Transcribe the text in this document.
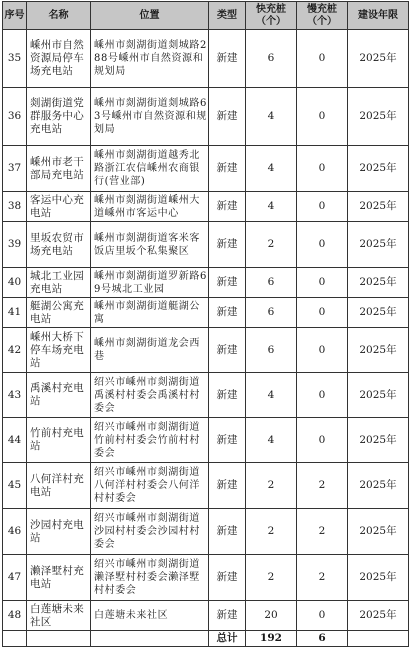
序号	名称	位置	类型	快充桩（个）	慢充桩（个）	建设年限
35	嵊州市自然资源局停车场充电站	嵊州市剡湖街道剡城路288号嵊州市自然资源和规划局	新建	6	0	2025年
36	剡湖街道党群服务中心充电站	嵊州市剡湖街道剡城路63号嵊州市自然资源和规划局	新建	4	0	2025年
37	嵊州市老干部局充电站	嵊州市剡湖街道越秀北路浙江农信嵊州农商银行(营业部)	新建	4	0	2025年
38	客运中心充电站	嵊州市剡湖街道嵊州大道嵊州市客运中心	新建	4	0	2025年
39	里坂农贸市场充电站	嵊州市剡湖街道客米客饭店里坂个私集聚区	新建	2	0	2025年
40	城北工业园充电站	嵊州市剡湖街道罗新路69号城北工业园	新建	6	0	2025年
41	艇湖公寓充电站	嵊州市剡湖街道艇湖公寓	新建	6	0	2025年
42	嵊州大桥下停车场充电站	嵊州市剡湖街道龙会西巷	新建	6	0	2025年
43	禹溪村充电站	绍兴市嵊州市剡湖街道禹溪村村委会禹溪村村委会	新建	4	0	2025年
44	竹前村充电站	绍兴市嵊州市剡湖街道竹前村村委会竹前村村委会	新建	4	0	2025年
45	八何洋村充电站	绍兴市嵊州市剡湖街道八何洋村村委会八何洋村村委会	新建	2	2	2025年
46	沙园村充电站	绍兴市嵊州市剡湖街道沙园村村委会沙园村村委会	新建	2	2	2025年
47	濑泽墅村充电站	绍兴市嵊州市剡湖街道濑泽墅村村委会濑泽墅村村委会	新建	2	2	2025年
48	白莲塘未来社区	白莲塘未来社区	新建	20	0	2025年
			总计	192	6	
